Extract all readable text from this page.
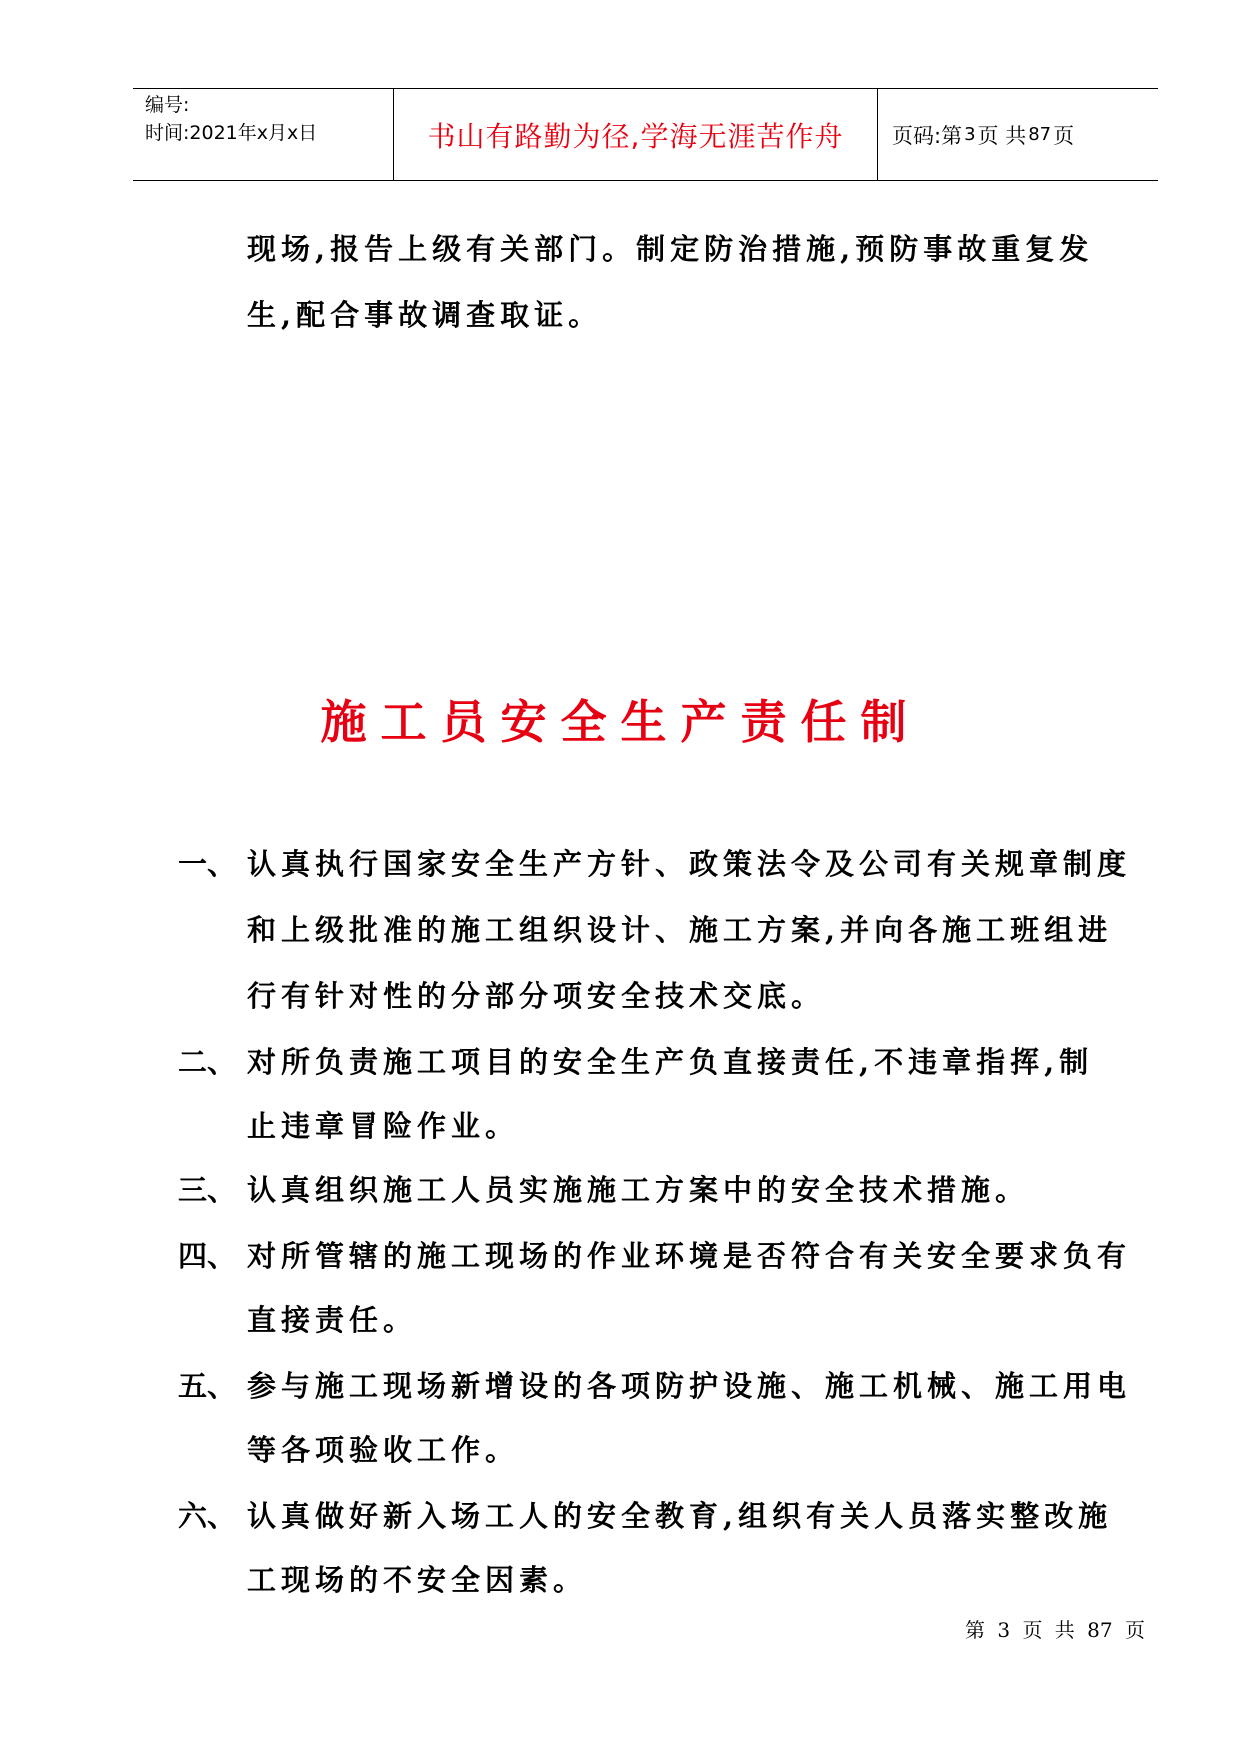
编号:
时间:2021年x月x日	书山有路勤为径,学海无涯苦作舟	页码:第 3 页 共 87 页
现场,报告上级有关部门。制定防治措施,预防事故重复发
生,配合事故调查取证。
施工员安全生产责任制
一、 认真执行国家安全生产方针、政策法令及公司有关规章制度
和上级批准的施工组织设计、施工方案,并向各施工班组进
行有针对性的分部分项安全技术交底。
二、 对所负责施工项目的安全生产负直接责任,不违章指挥,制
止违章冒险作业。
三、 认真组织施工人员实施施工方案中的安全技术措施。
四、 对所管辖的施工现场的作业环境是否符合有关安全要求负有
直接责任。
五、 参与施工现场新增设的各项防护设施、施工机械、施工用电
等各项验收工作。
六、 认真做好新入场工人的安全教育,组织有关人员落实整改施
工现场的不安全因素。
第 3 页 共 87 页
